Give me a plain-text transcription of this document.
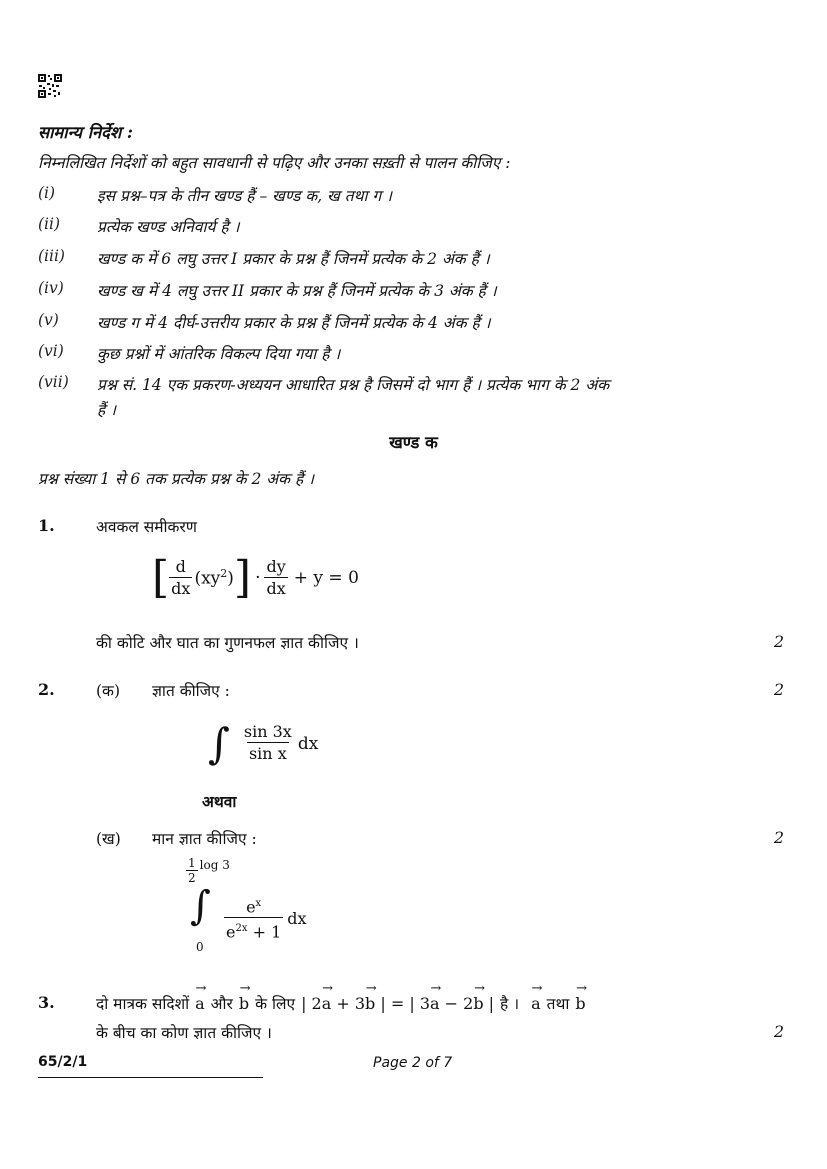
सामान्य निर्देश :
निम्नलिखित निर्देशों को बहुत सावधानी से पढ़िए और उनका सख़्ती से पालन कीजिए :
(i)	इस प्रश्न–पत्र के तीन खण्ड हैं – खण्ड क, ख तथा ग ।
(ii) प्रत्येक खण्ड अनिवार्य है ।
(iii) खण्ड क में 6 लघु उत्तर I प्रकार के प्रश्न हैं जिनमें प्रत्येक के 2 अंक हैं ।
(iv) खण्ड ख में 4 लघु उत्तर II प्रकार के प्रश्न हैं जिनमें प्रत्येक के 3 अंक हैं ।
(v) खण्ड ग में 4 दीर्घ-उत्तरीय प्रकार के प्रश्न हैं जिनमें प्रत्येक के 4 अंक हैं ।
(vi) कुछ प्रश्नों में आंतरिक विकल्प दिया गया है ।
(vii) प्रश्न सं. 14 एक प्रकरण-अध्ययन आधारित प्रश्न है जिसमें दो भाग हैं । प्रत्येक भाग के 2 अंक
हैं ।
खण्ड क
प्रश्न संख्या 1 से 6 तक प्रत्येक प्रश्न के 2 अंक हैं ।
1.	अवकल समीकरण
[ $\frac{d}{dx} (xy^2)$ ] · $\frac{dy}{dx} + y = 0$
की कोटि और घात का गुणनफल ज्ञात कीजिए ।	2
2.	(क) ज्ञात कीजिए :	2
∫ $\frac{\sin 3x}{\text{sin x}}$ dx
अथवा
(ख) मान ज्ञात कीजिए :	2
$\frac{1}{2}$ log 3
∫
0
$\frac{e^x}{e^{2x} + 1}$ dx
3.	दो मात्रक सदिशों → a और → b के लिए | 2→ a + 3→ b | = | 3→ a − 2→ b | है । → a तथा → b
के बीच का कोण ज्ञात कीजिए ।	2
65/2/1	Page 2 of 7
